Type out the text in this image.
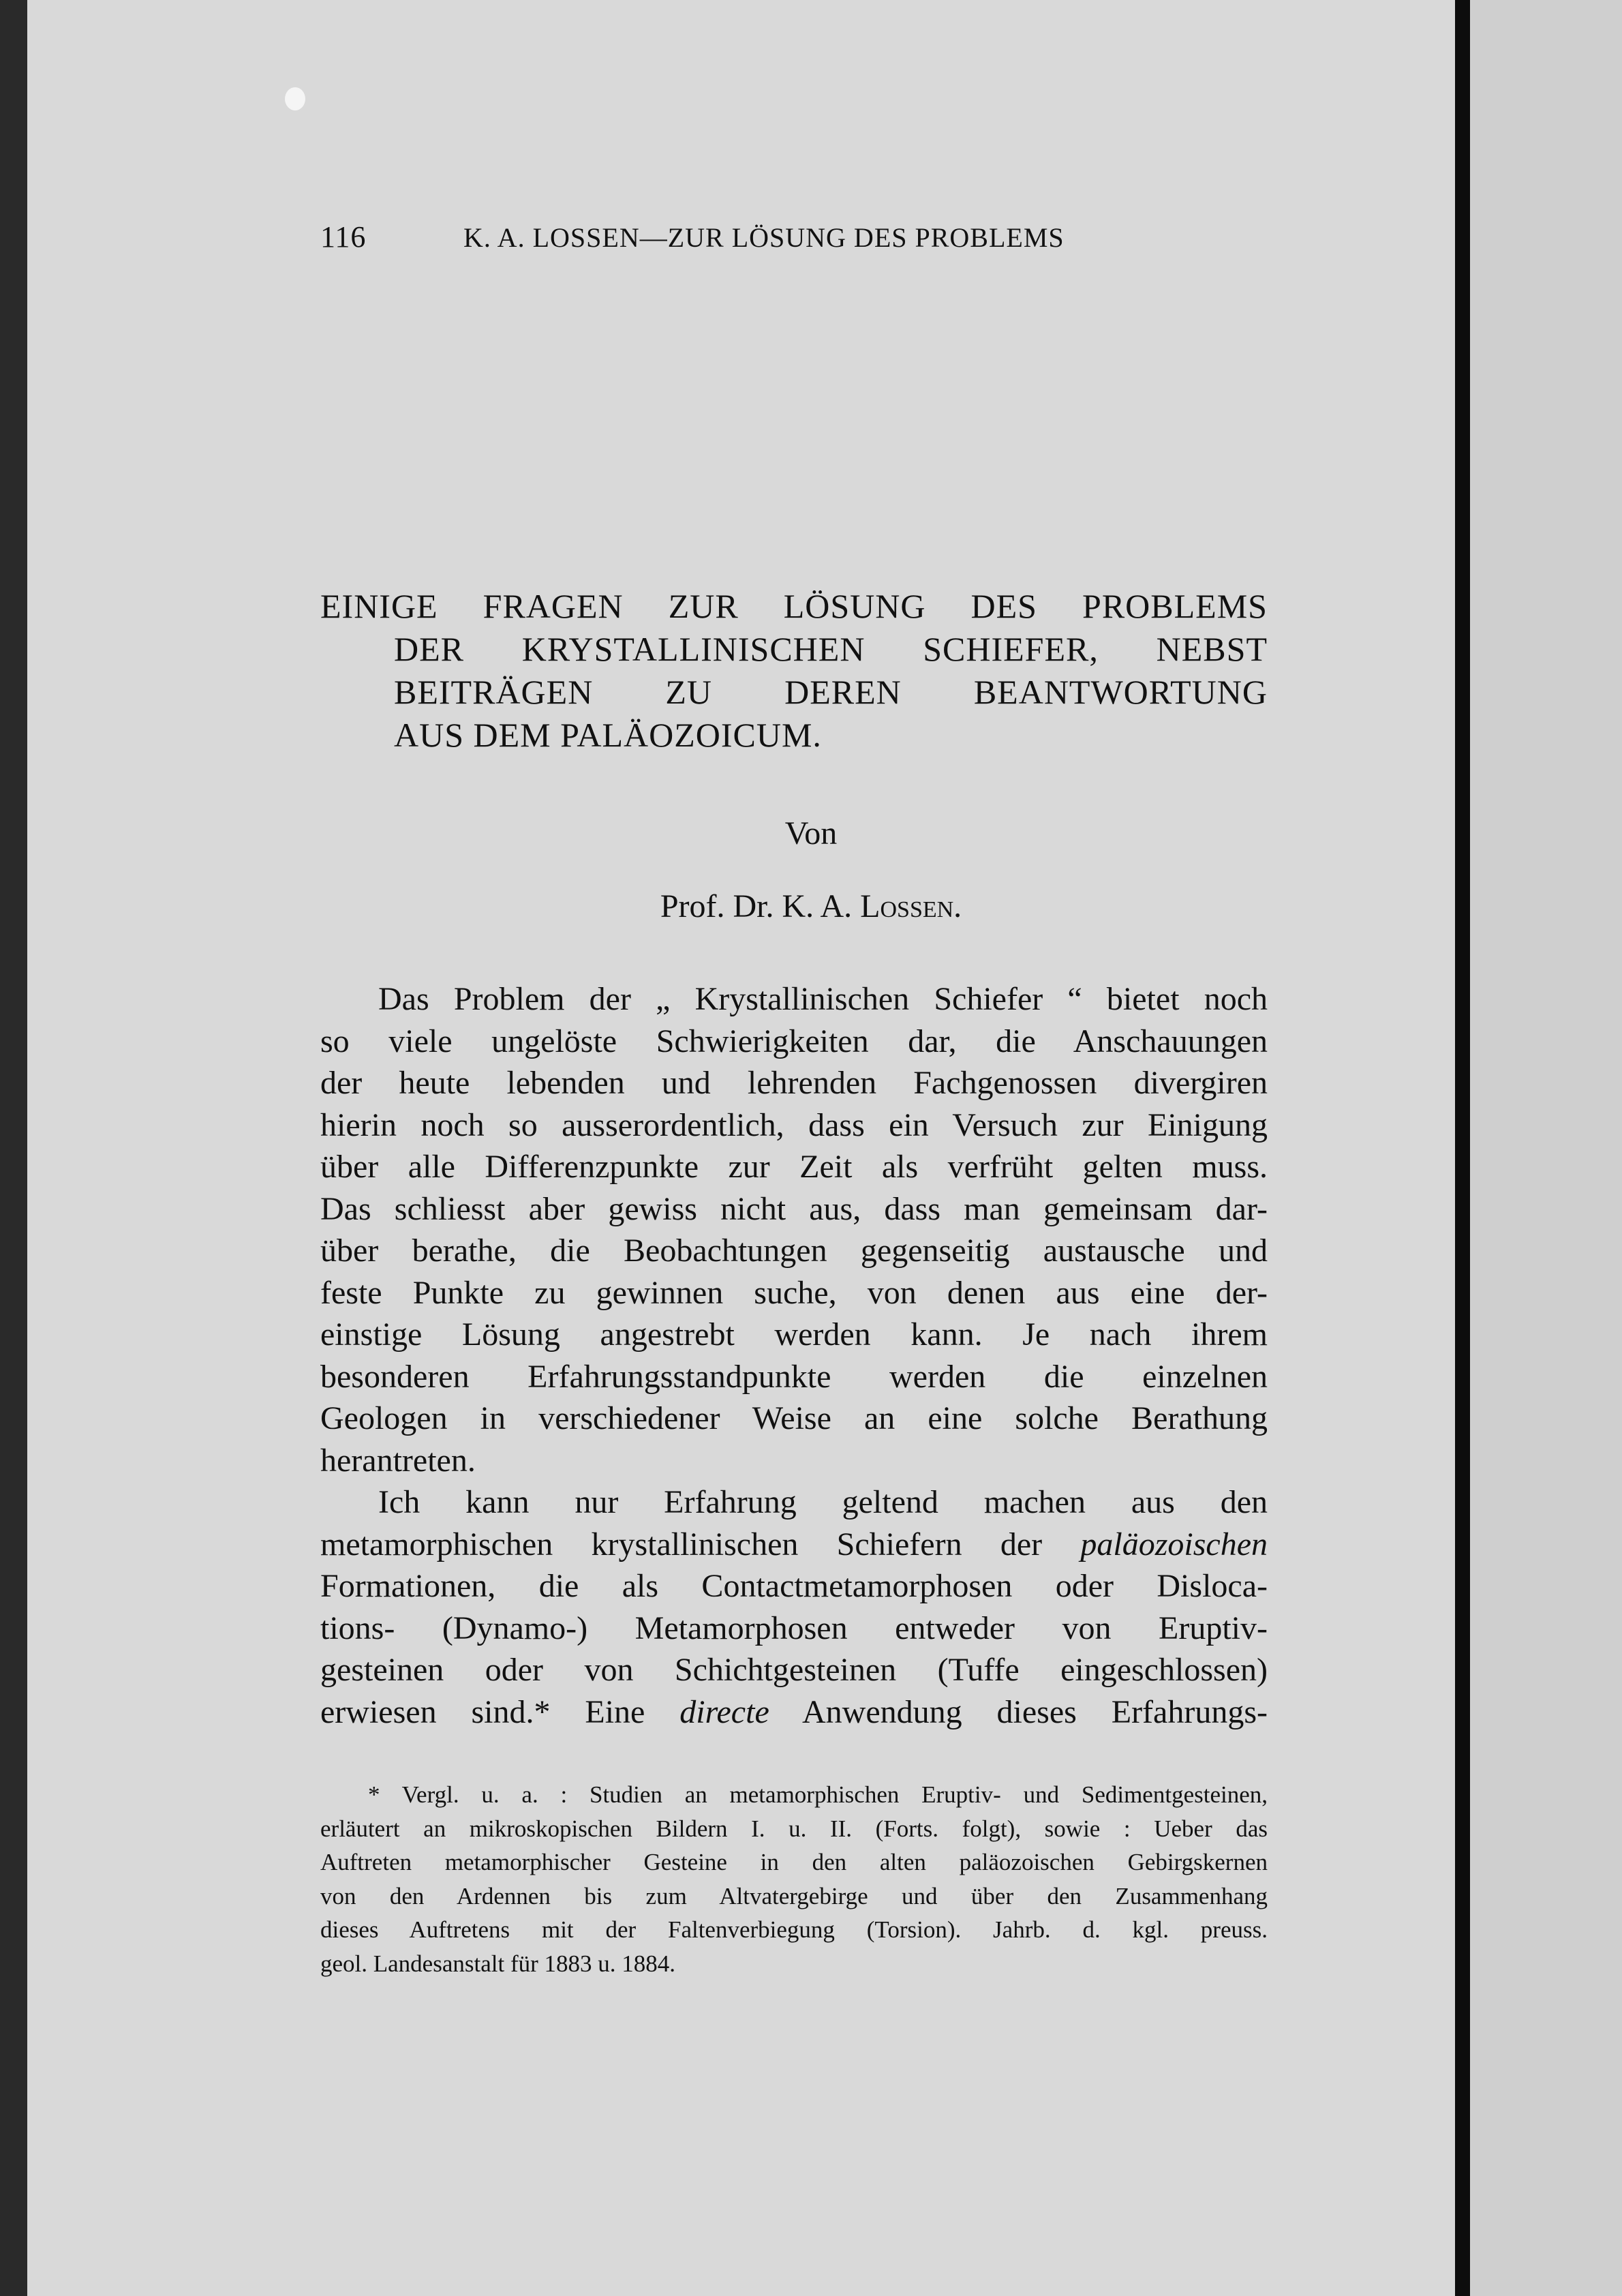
116	K. A. LOSSEN—ZUR LÖSUNG DES PROBLEMS
EINIGE FRAGEN ZUR LÖSUNG DES PROBLEMS
DER KRYSTALLINISCHEN SCHIEFER, NEBST
BEITRÄGEN ZU DEREN BEANTWORTUNG
AUS DEM PALÄOZOICUM.
Von
Prof. Dr. K. A. Lossen.
Das Problem der „ Krystallinischen Schiefer “ bietet noch
so viele ungelöste Schwierigkeiten dar, die Anschauungen
der heute lebenden und lehrenden Fachgenossen divergiren
hierin noch so ausserordentlich, dass ein Versuch zur Einigung
über alle Differenzpunkte zur Zeit als verfrüht gelten muss.
Das schliesst aber gewiss nicht aus, dass man gemeinsam dar-
über berathe, die Beobachtungen gegenseitig austausche und
feste Punkte zu gewinnen suche, von denen aus eine der-
einstige Lösung angestrebt werden kann. Je nach ihrem
besonderen Erfahrungsstandpunkte werden die einzelnen
Geologen in verschiedener Weise an eine solche Berathung
herantreten.
Ich kann nur Erfahrung geltend machen aus den
metamorphischen krystallinischen Schiefern der paläozoischen
Formationen, die als Contactmetamorphosen oder Disloca-
tions- (Dynamo-) Metamorphosen entweder von Eruptiv-
gesteinen oder von Schichtgesteinen (Tuffe eingeschlossen)
erwiesen sind.* Eine directe Anwendung dieses Erfahrungs-
* Vergl. u. a. : Studien an metamorphischen Eruptiv- und Sedimentgesteinen,
erläutert an mikroskopischen Bildern I. u. II. (Forts. folgt), sowie : Ueber das
Auftreten metamorphischer Gesteine in den alten paläozoischen Gebirgskernen
von den Ardennen bis zum Altvatergebirge und über den Zusammenhang
dieses Auftretens mit der Faltenverbiegung (Torsion). Jahrb. d. kgl. preuss.
geol. Landesanstalt für 1883 u. 1884.
